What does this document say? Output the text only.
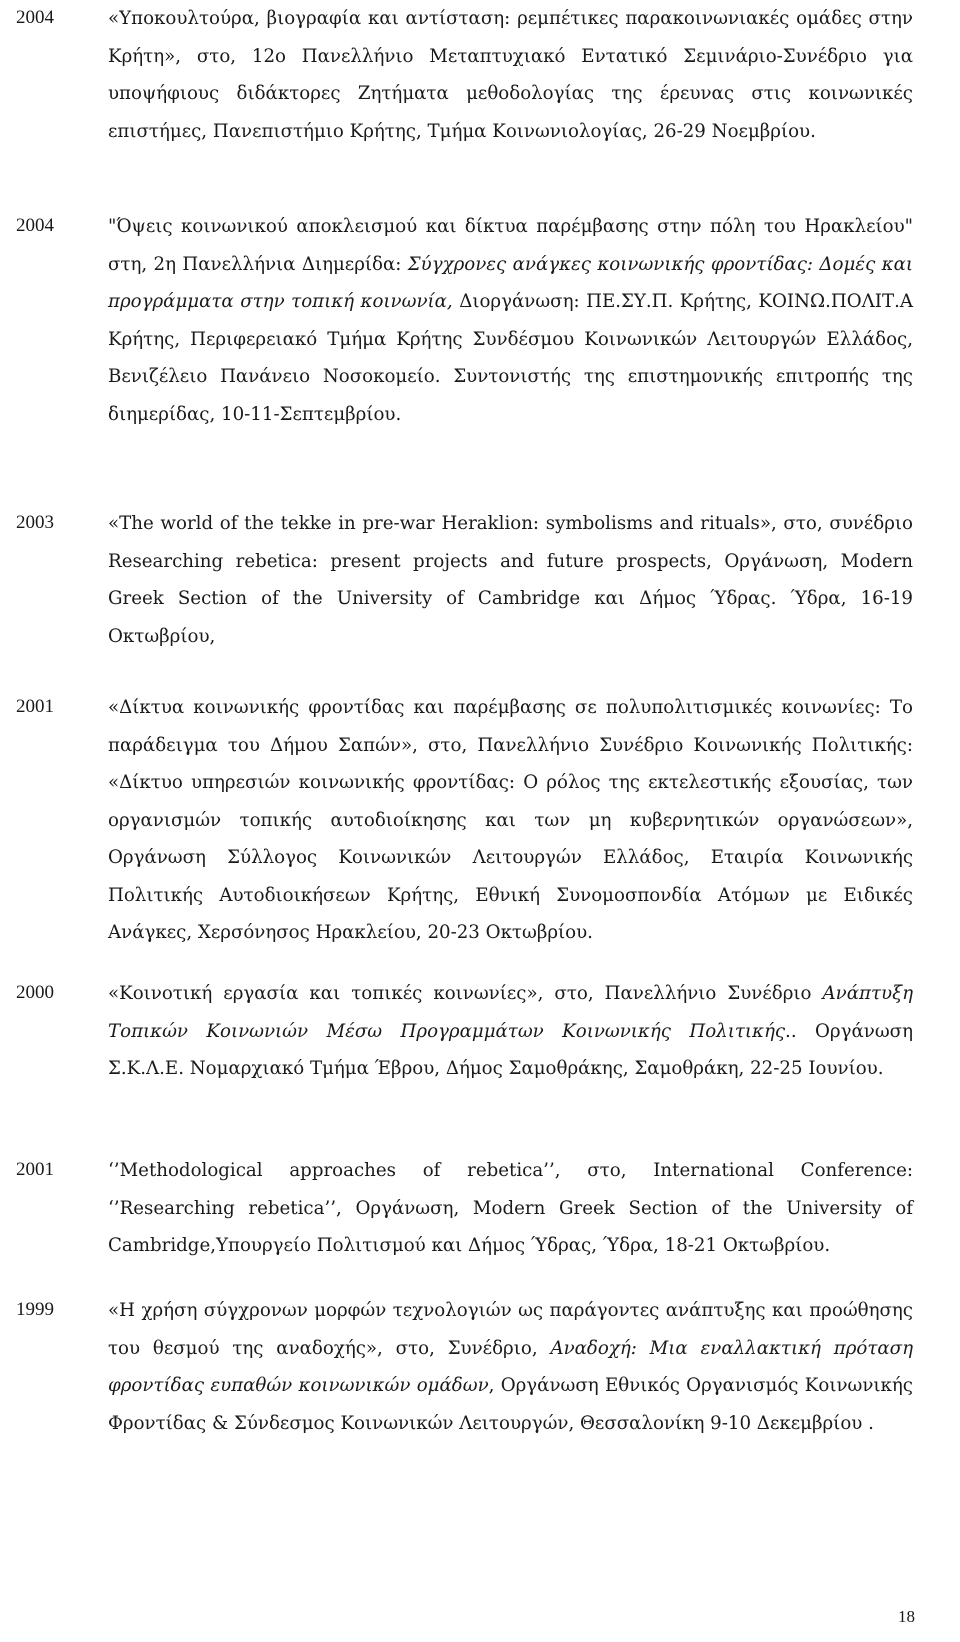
2004	«Υποκουλτούρα, βιογραφία και αντίσταση: ρεμπέτικες παρακοινωνιακές ομάδες στην Κρήτη», στο, 12ο Πανελλήνιο Μεταπτυχιακό Εντατικό Σεμινάριο-Συνέδριο για υποψήφιους διδάκτορες Ζητήματα μεθοδολογίας της έρευνας στις κοινωνικές επιστήμες, Πανεπιστήμιο Κρήτης, Τμήμα Κοινωνιολογίας, 26-29 Νοεμβρίου.
2004	"Όψεις κοινωνικού αποκλεισμού και δίκτυα παρέμβασης στην πόλη του Ηρακλείου" στη, 2η Πανελλήνια Διημερίδα: Σύγχρονες ανάγκες κοινωνικής φροντίδας: Δομές και προγράμματα στην τοπική κοινωνία, Διοργάνωση: ΠΕ.ΣΥ.Π. Κρήτης, ΚΟΙΝΩ.ΠΟΛΙΤ.Α Κρήτης, Περιφερειακό Τμήμα Κρήτης Συνδέσμου Κοινωνικών Λειτουργών Ελλάδος, Βενιζέλειο Πανάνειο Νοσοκομείο. Συντονιστής της επιστημονικής επιτροπής της διημερίδας, 10-11-Σεπτεμβρίου.
2003	«The world of the tekke in pre-war Heraklion: symbolisms and rituals», στο, συνέδριο Researching rebetica: present projects and future prospects, Οργάνωση, Modern Greek Section of the University of Cambridge και Δήμος Ύδρας. Ύδρα, 16-19 Οκτωβρίου,
2001	«Δίκτυα κοινωνικής φροντίδας και παρέμβασης σε πολυπολιτισμικές κοινωνίες: Το παράδειγμα του Δήμου Σαπών», στο, Πανελλήνιο Συνέδριο Κοινωνικής Πολιτικής: «Δίκτυο υπηρεσιών κοινωνικής φροντίδας: Ο ρόλος της εκτελεστικής εξουσίας, των οργανισμών τοπικής αυτοδιοίκησης και των μη κυβερνητικών οργανώσεων», Οργάνωση Σύλλογος Κοινωνικών Λειτουργών Ελλάδος, Εταιρία Κοινωνικής Πολιτικής Αυτοδιοικήσεων Κρήτης, Εθνική Συνομοσπονδία Ατόμων με Ειδικές Ανάγκες, Χερσόνησος Ηρακλείου, 20-23 Οκτωβρίου.
2000	«Κοινοτική εργασία και τοπικές κοινωνίες», στο, Πανελλήνιο Συνέδριο Ανάπτυξη Τοπικών Κοινωνιών Μέσω Προγραμμάτων Κοινωνικής Πολιτικής.. Οργάνωση Σ.Κ.Λ.Ε. Νομαρχιακό Τμήμα Έβρου, Δήμος Σαμοθράκης, Σαμοθράκη, 22-25 Ιουνίου.
2001	‘’Methodological approaches of rebetica’’, στο, International Conference: ‘’Researching rebetica’’, Οργάνωση, Modern Greek Section of the University of Cambridge,Υπουργείο Πολιτισμού και Δήμος Ύδρας, Ύδρα, 18-21 Οκτωβρίου.
1999	«Η χρήση σύγχρονων μορφών τεχνολογιών ως παράγοντες ανάπτυξης και προώθησης του θεσμού της αναδοχής», στο, Συνέδριο, Αναδοχή: Μια εναλλακτική πρόταση φροντίδας ευπαθών κοινωνικών ομάδων, Οργάνωση Εθνικός Οργανισμός Κοινωνικής Φροντίδας & Σύνδεσμος Κοινωνικών Λειτουργών, Θεσσαλονίκη 9-10 Δεκεμβρίου .
18
